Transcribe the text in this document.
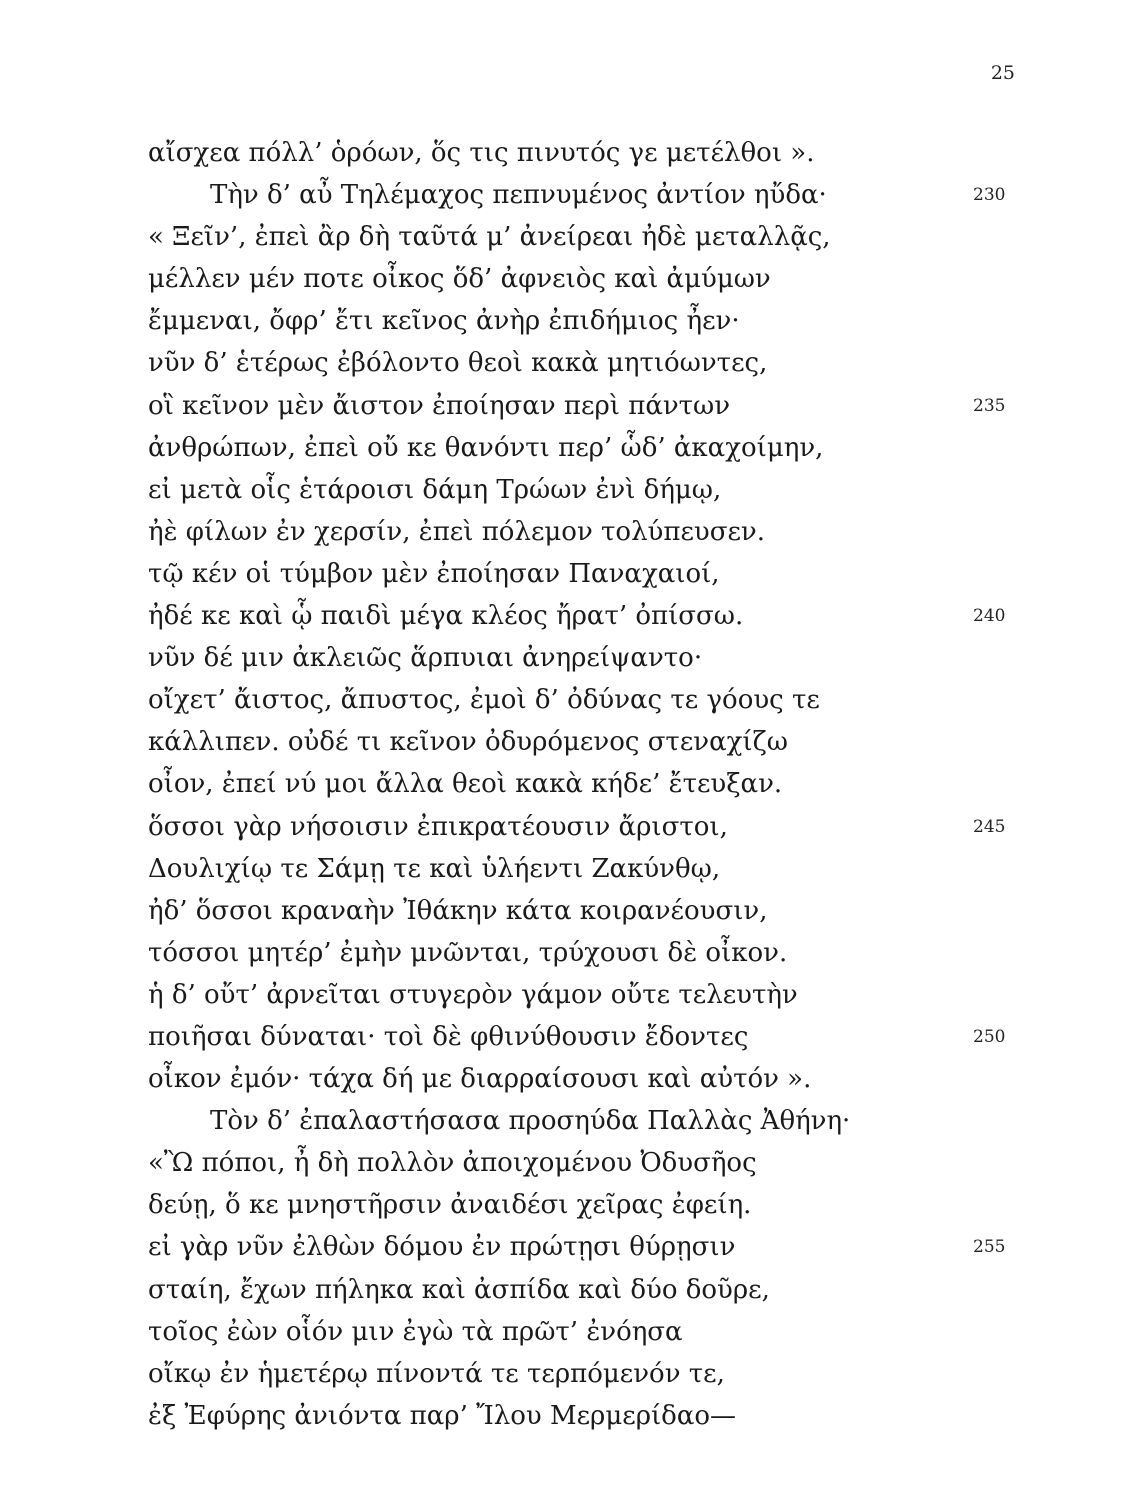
25
αἴσχεα πόλλ’ ὁρόων, ὅς τις πινυτός γε μετέλθοι ».
Τὴν δ’ αὖ Τηλέμαχος πεπνυμένος ἀντίον ηὔδα·	230
« Ξεῖν’, ἐπεὶ ἂρ δὴ ταῦτά μ’ ἀνείρεαι ἠδὲ μεταλλᾷς,
μέλλεν μέν ποτε οἶκος ὅδ’ ἀφνειὸς καὶ ἀμύμων
ἔμμεναι, ὄφρ’ ἔτι κεῖνος ἀνὴρ ἐπιδήμιος ἦεν·
νῦν δ’ ἑτέρως ἐβόλοντο θεοὶ κακὰ μητιόωντες,
οἳ κεῖνον μὲν ἄιστον ἐποίησαν περὶ πάντων	235
ἀνθρώπων, ἐπεὶ οὔ κε θανόντι περ’ ὧδ’ ἀκαχοίμην,
εἰ μετὰ οἷς ἑτάροισι δάμη Τρώων ἐνὶ δήμῳ,
ἠὲ φίλων ἐν χερσίν, ἐπεὶ πόλεμον τολύπευσεν.
τῷ κέν οἱ τύμβον μὲν ἐποίησαν Παναχαιοί,
ἠδέ κε καὶ ᾧ παιδὶ μέγα κλέος ἤρατ’ ὀπίσσω.	240
νῦν δέ μιν ἀκλειῶς ἅρπυιαι ἀνηρείψαντο·
οἴχετ’ ἄιστος, ἄπυστος, ἐμοὶ δ’ ὀδύνας τε γόους τε
κάλλιπεν. οὐδέ τι κεῖνον ὀδυρόμενος στεναχίζω
οἶον, ἐπεί νύ μοι ἄλλα θεοὶ κακὰ κήδε’ ἔτευξαν.
ὅσσοι γὰρ νήσοισιν ἐπικρατέουσιν ἄριστοι,	245
Δουλιχίῳ τε Σάμῃ τε καὶ ὑλήεντι Ζακύνθῳ,
ἠδ’ ὅσσοι κραναὴν Ἰθάκην κάτα κοιρανέουσιν,
τόσσοι μητέρ’ ἐμὴν μνῶνται, τρύχουσι δὲ οἶκον.
ἡ δ’ οὔτ’ ἀρνεῖται στυγερὸν γάμον οὔτε τελευτὴν
ποιῆσαι δύναται· τοὶ δὲ φθινύθουσιν ἔδοντες	250
οἶκον ἐμόν· τάχα δή με διαρραίσουσι καὶ αὐτόν ».
Τὸν δ’ ἐπαλαστήσασα προσηύδα Παλλὰς Ἀθήνη·
«Ὢ πόποι, ἦ δὴ πολλὸν ἀποιχομένου Ὀδυσῆος
δεύῃ, ὅ κε μνηστῆρσιν ἀναιδέσι χεῖρας ἐφείη.
εἰ γὰρ νῦν ἐλθὼν δόμου ἐν πρώτῃσι θύρῃσιν	255
σταίη, ἔχων πήληκα καὶ ἀσπίδα καὶ δύο δοῦρε,
τοῖος ἐὼν οἷόν μιν ἐγὼ τὰ πρῶτ’ ἐνόησα
οἴκῳ ἐν ἡμετέρῳ πίνοντά τε τερπόμενόν τε,
ἐξ Ἐφύρης ἀνιόντα παρ’ Ἴλου Μερμερίδαο—
